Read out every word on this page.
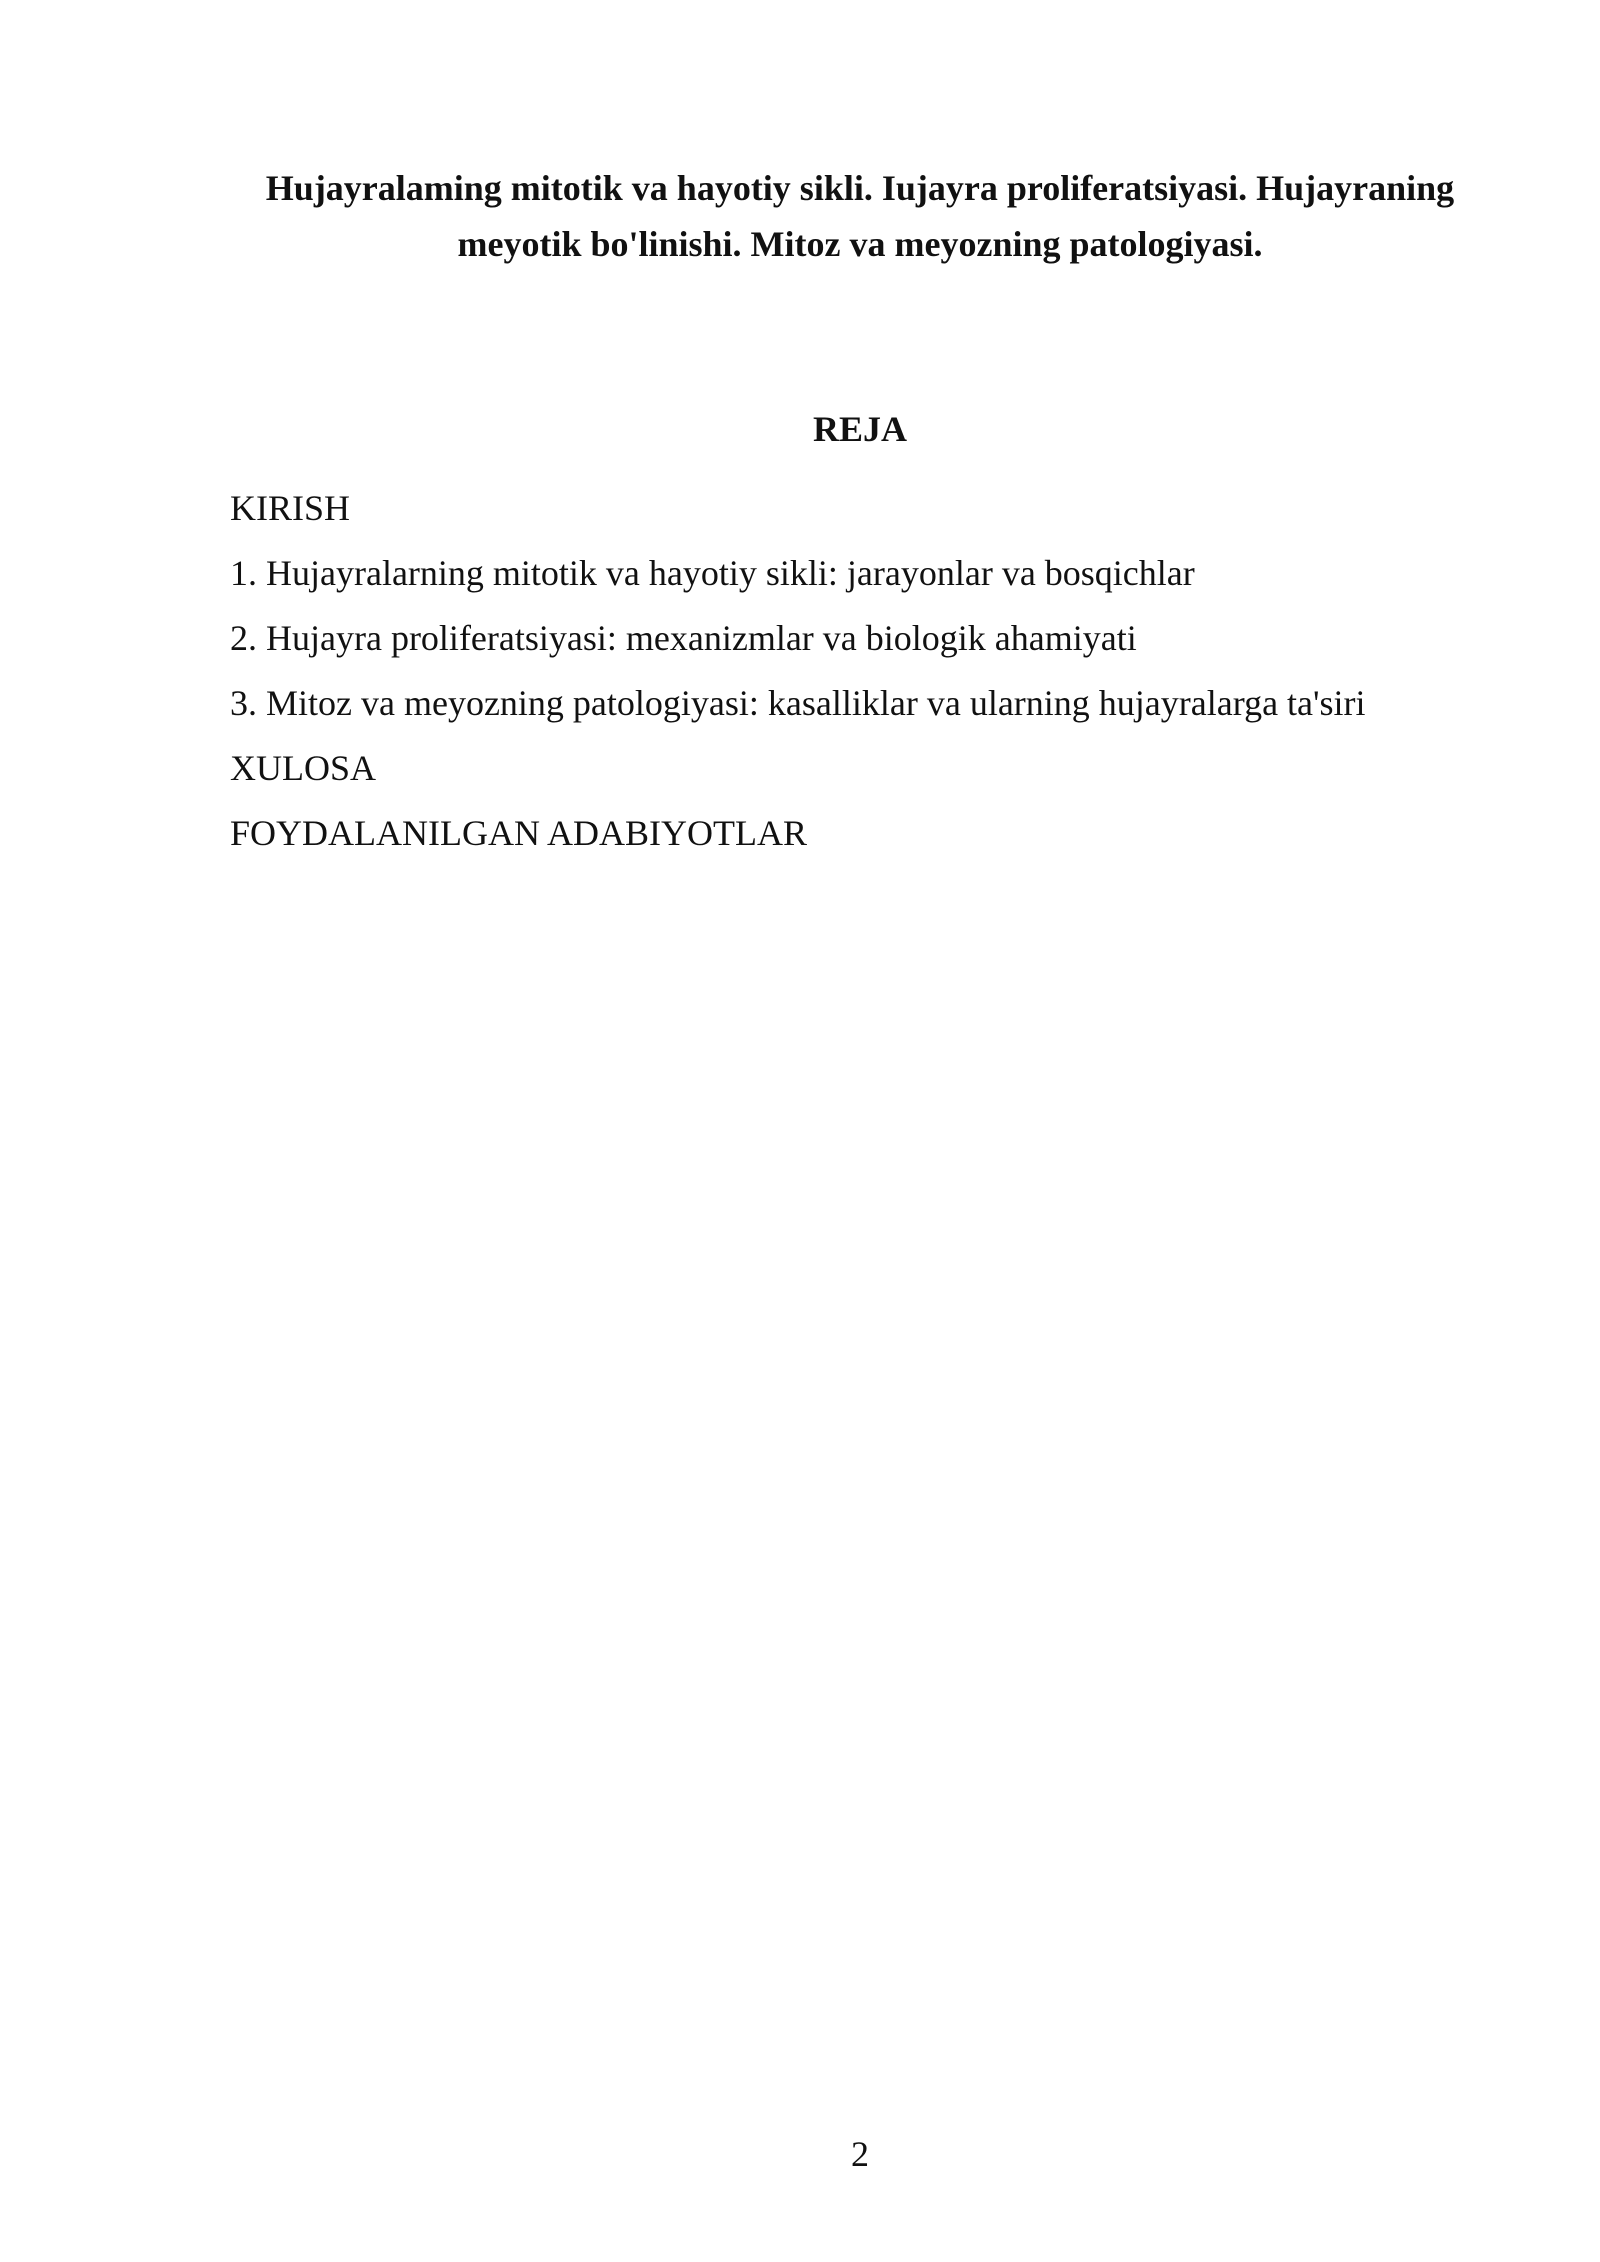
Hujayralaming mitotik va hayotiy sikli. Iujayra proliferatsiyasi. Hujayraning meyotik bo'linishi. Mitoz va meyozning patologiyasi.
REJA
KIRISH
1. Hujayralarning mitotik va hayotiy sikli: jarayonlar va bosqichlar
2. Hujayra proliferatsiyasi: mexanizmlar va biologik ahamiyati
3. Mitoz va meyozning patologiyasi: kasalliklar va ularning hujayralarga ta'siri
XULOSA
FOYDALANILGAN ADABIYOTLAR
2
